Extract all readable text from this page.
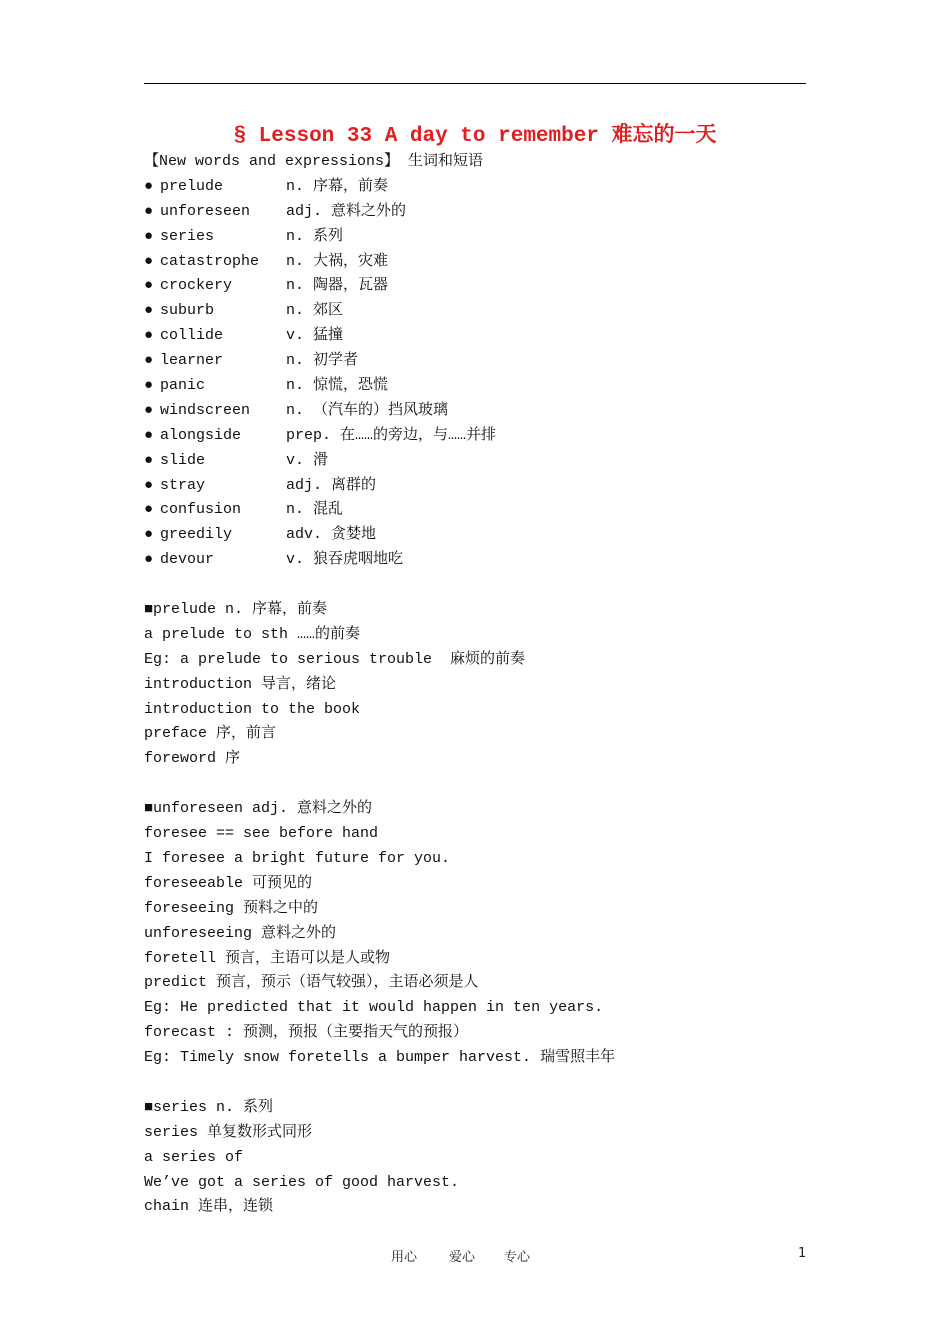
§ Lesson 33 A day to remember 难忘的一天
【New words and expressions】 生词和短语
● prelude	n. 序幕，前奏
● unforeseen	adj. 意料之外的
● series	n. 系列
● catastrophe	n. 大祸，灾难
● crockery	n. 陶器，瓦器
● suburb	n. 郊区
● collide	v. 猛撞
● learner	n. 初学者
● panic	n. 惊慌，恐慌
● windscreen	n. （汽车的）挡风玻璃
● alongside	prep. 在……的旁边，与……并排
● slide	v. 滑
● stray	adj. 离群的
● confusion	n. 混乱
● greedily	adv. 贪婪地
● devour	v. 狼吞虎咽地吃
■prelude n. 序幕，前奏
a prelude to sth ……的前奏
Eg: a prelude to serious trouble  麻烦的前奏
introduction 导言，绪论
introduction to the book
preface 序，前言
foreword 序
■unforeseen adj. 意料之外的
foresee == see before hand
I foresee a bright future for you.
foreseeable 可预见的
foreseeing 预料之中的
unforeseeing 意料之外的
foretell 预言，主语可以是人或物
predict 预言，预示（语气较强），主语必须是人
Eg: He predicted that it would happen in ten years.
forecast : 预测，预报（主要指天气的预报）
Eg: Timely snow foretells a bumper harvest. 瑞雪照丰年
■series n. 系列
series 单复数形式同形
a series of
We’ve got a series of good harvest.
chain 连串，连锁
用心 爱心 专心	1
